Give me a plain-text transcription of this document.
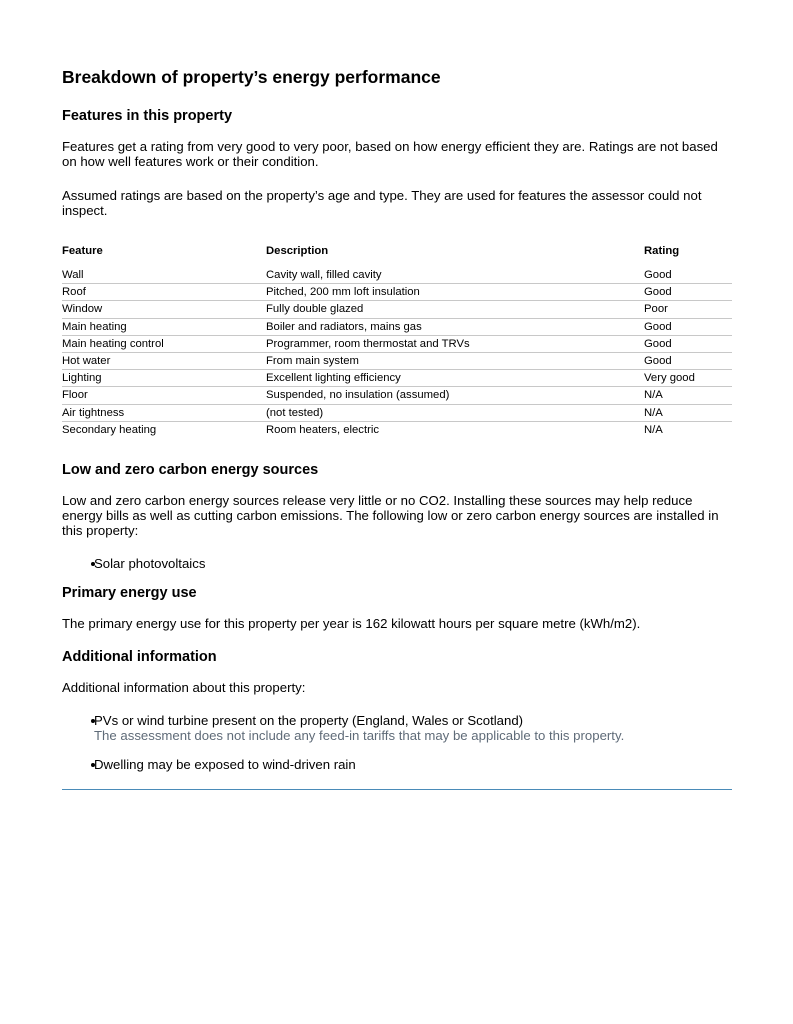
Breakdown of property’s energy performance
Features in this property

Features get a rating from very good to very poor, based on how energy efficient they are. Ratings are not based on how well features work or their condition.

Assumed ratings are based on the property’s age and type. They are used for features the assessor could not inspect.

Feature	Description	Rating
Wall	Cavity wall, filled cavity	Good
Roof	Pitched, 200 mm loft insulation	Good
Window	Fully double glazed	Poor
Main heating	Boiler and radiators, mains gas	Good
Main heating control	Programmer, room thermostat and TRVs	Good
Hot water	From main system	Good
Lighting	Excellent lighting efficiency	Very good
Floor	Suspended, no insulation (assumed)	N/A
Air tightness	(not tested)	N/A
Secondary heating	Room heaters, electric	N/A
Low and zero carbon energy sources

Low and zero carbon energy sources release very little or no CO2. Installing these sources may help reduce energy bills as well as cutting carbon emissions. The following low or zero carbon energy sources are installed in this property:

Solar photovoltaics
Primary energy use

The primary energy use for this property per year is 162 kilowatt hours per square metre (kWh/m2).

Additional information

Additional information about this property:

PVs or wind turbine present on the property (England, Wales or Scotland)
The assessment does not include any feed-in tariffs that may be applicable to this property.
Dwelling may be exposed to wind-driven rain
